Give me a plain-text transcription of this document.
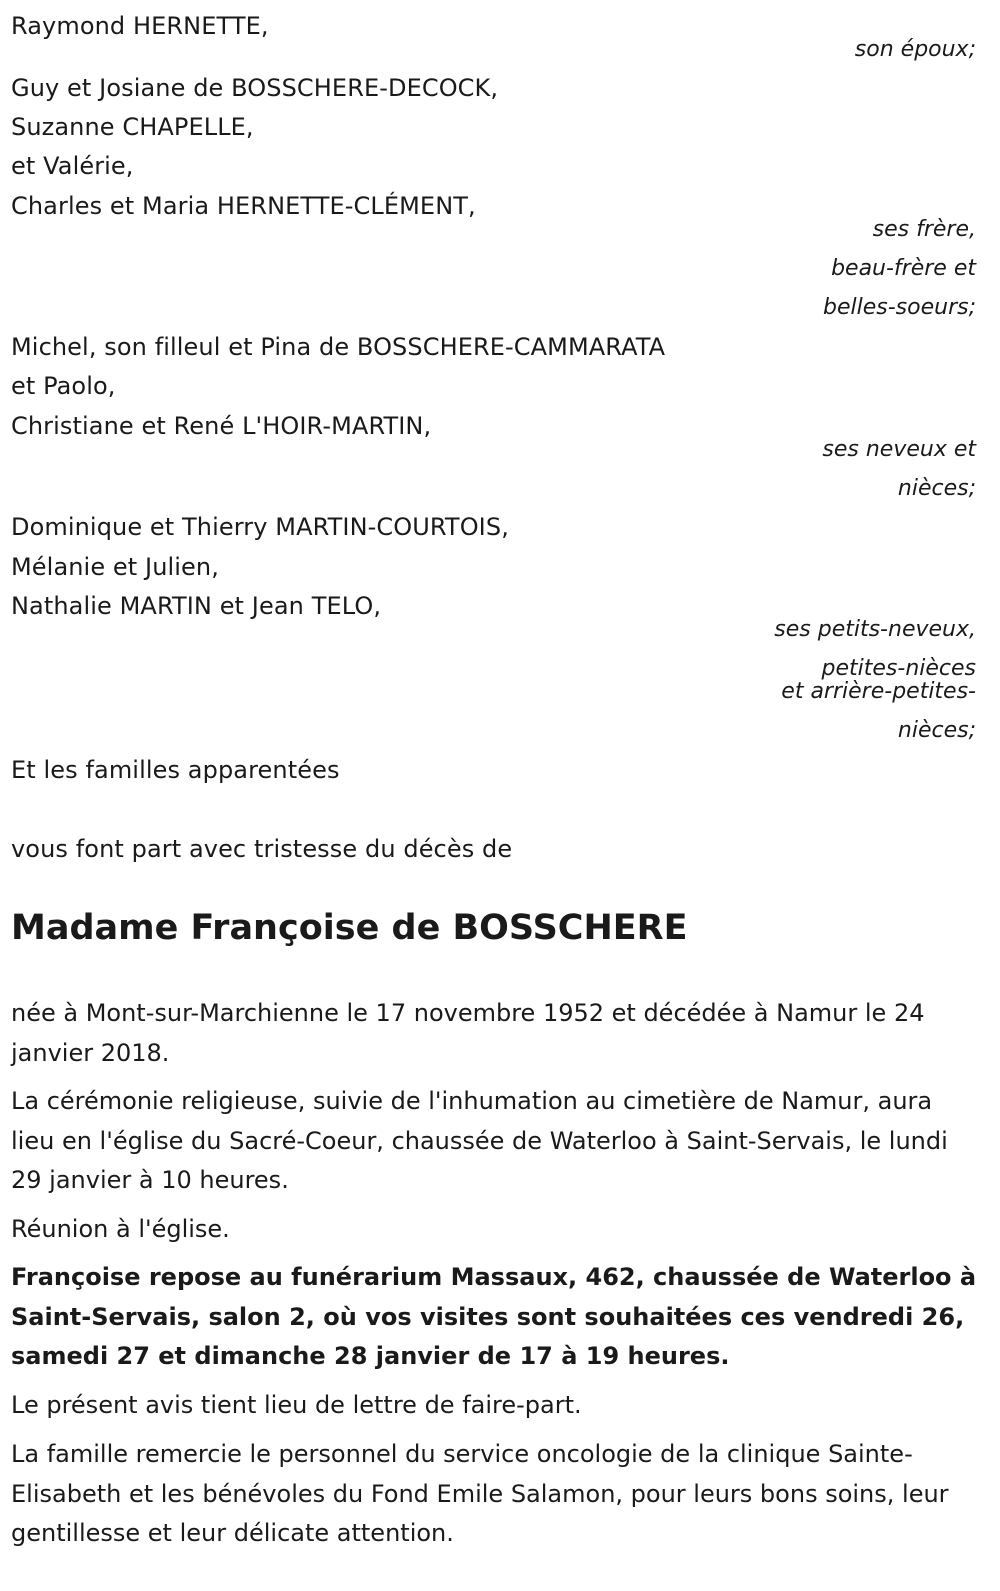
Raymond HERNETTE,
son époux;
Guy et Josiane de BOSSCHERE-DECOCK,
Suzanne CHAPELLE,
et Valérie,
Charles et Maria HERNETTE-CLÉMENT,
ses frère,
beau-frère et
belles-soeurs;
Michel, son filleul et Pina de BOSSCHERE-CAMMARATA
et Paolo,
Christiane et René L'HOIR-MARTIN,
ses neveux et
nièces;
Dominique et Thierry MARTIN-COURTOIS,
Mélanie et Julien,
Nathalie MARTIN et Jean TELO,
ses petits-neveux,
petites-nièces
et arrière-petites-
nièces;
Et les familles apparentées
vous font part avec tristesse du décès de
Madame Françoise de BOSSCHERE
née à Mont-sur-Marchienne le 17 novembre 1952 et décédée à Namur le 24 janvier 2018.
La cérémonie religieuse, suivie de l'inhumation au cimetière de Namur, aura lieu en l'église du Sacré-Coeur, chaussée de Waterloo à Saint-Servais, le lundi 29 janvier à 10 heures.
Réunion à l'église.
Françoise repose au funérarium Massaux, 462, chaussée de Waterloo à Saint-Servais, salon 2, où vos visites sont souhaitées ces vendredi 26, samedi 27 et dimanche 28 janvier de 17 à 19 heures.
Le présent avis tient lieu de lettre de faire-part.
La famille remercie le personnel du service oncologie de la clinique Sainte-Elisabeth et les bénévoles du Fond Emile Salamon, pour leurs bons soins, leur gentillesse et leur délicate attention.
